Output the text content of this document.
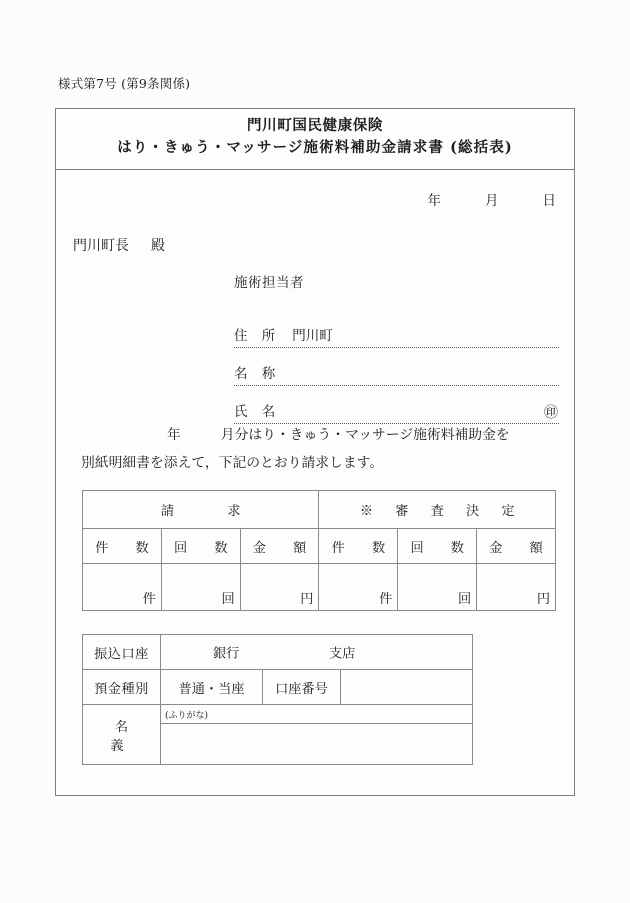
様式第7号 (第9条関係)
門川町国民健康保険
はり・きゅう・マッサージ施術料補助金請求書 (総括表)
年	月	日
門川町長 殿
施術担当者
住 所 門川町
名 称
氏 名	㊞
年	月分はり・きゅう・マッサージ施術料補助金を
別紙明細書を添えて，下記のとおり請求します。
請　　求			※ 審 査 決 定		
件　数	回　数	金　額	件　数	回　数	金　額
件	回	円	件	回	円
振込口座	銀行 支店		

預金種別	普通・当座	口座番号	
名　　義	(ふりがな)		
